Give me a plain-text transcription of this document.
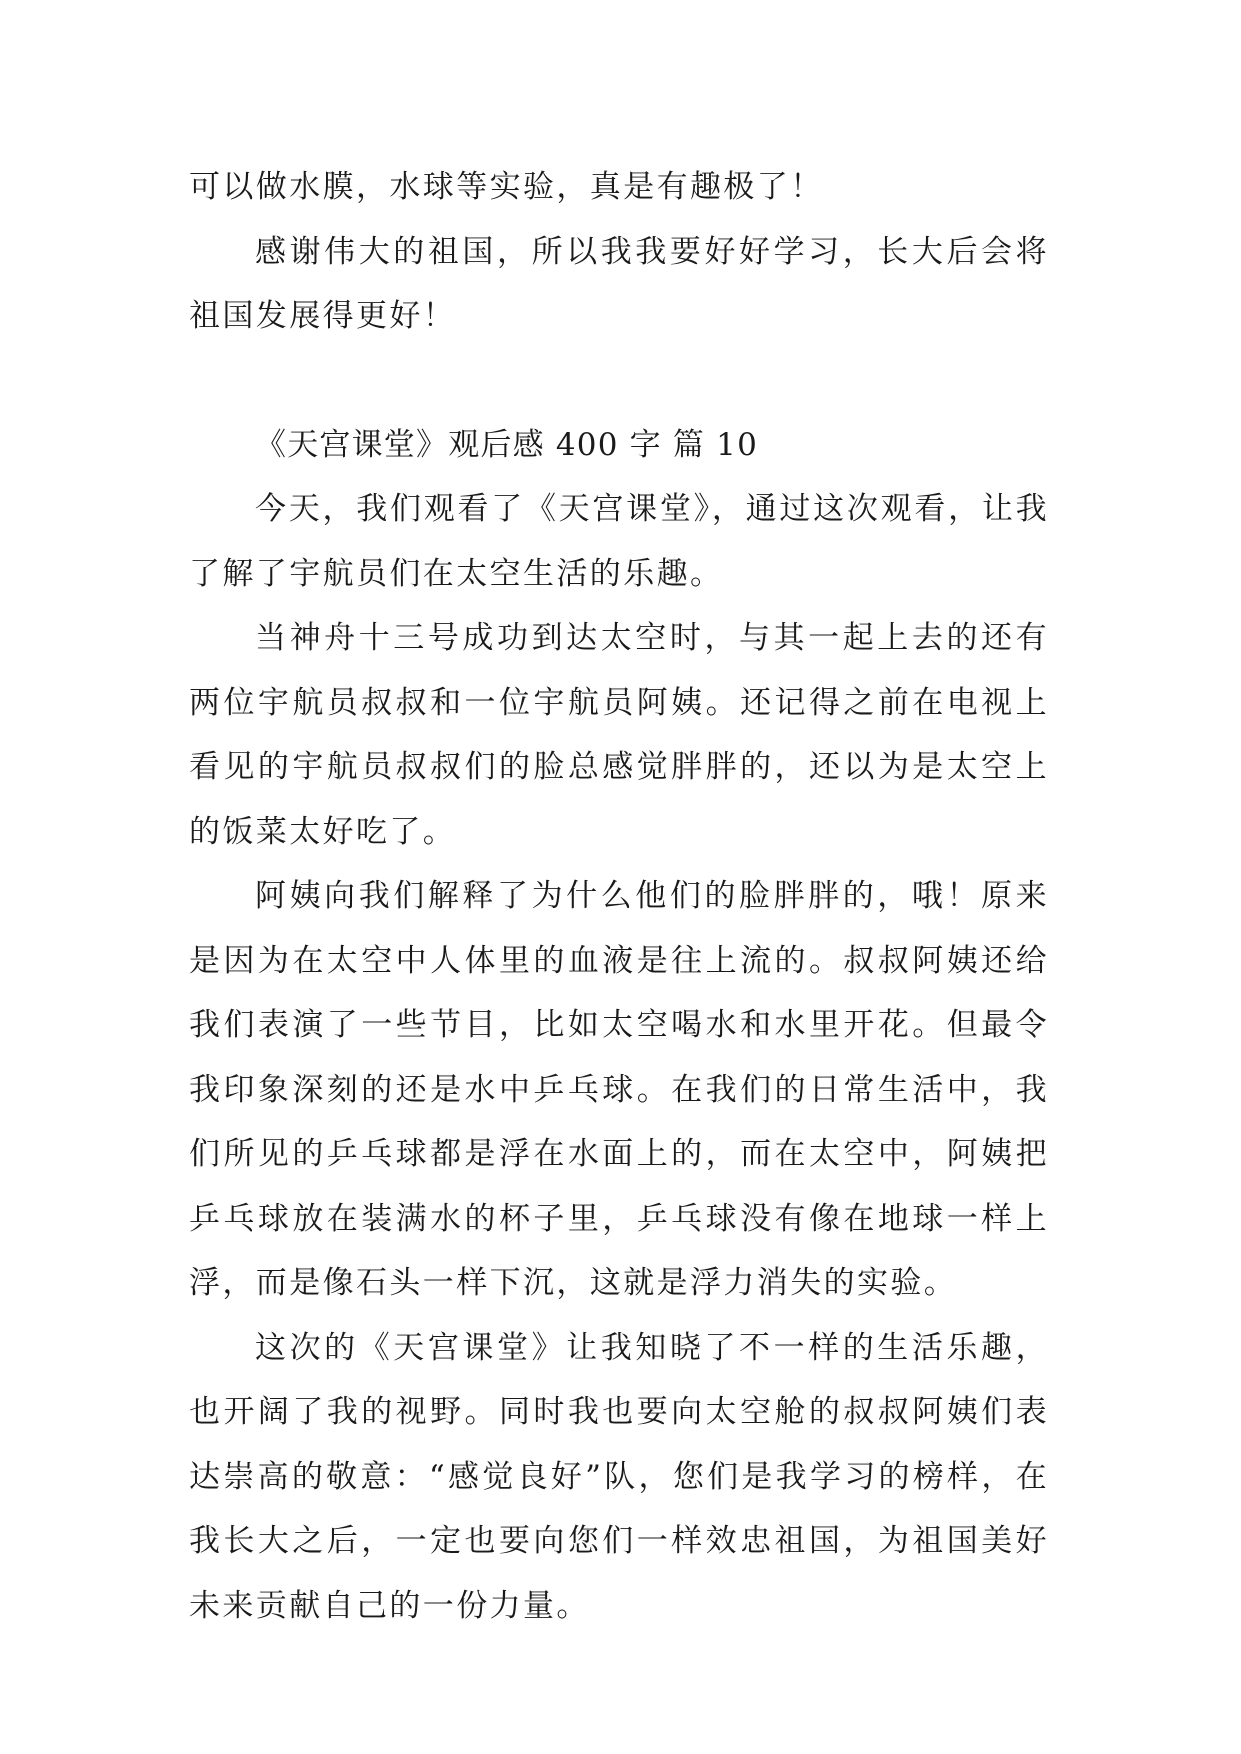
可以做水膜，水球等实验，真是有趣极了！

感谢伟大的祖国，所以我我要好好学习，长大后会将祖国发展得更好！

《天宫课堂》观后感 400 字 篇 10

今天，我们观看了《天宫课堂》，通过这次观看，让我了解了宇航员们在太空生活的乐趣。

当神舟十三号成功到达太空时，与其一起上去的还有两位宇航员叔叔和一位宇航员阿姨。还记得之前在电视上看见的宇航员叔叔们的脸总感觉胖胖的，还以为是太空上的饭菜太好吃了。

阿姨向我们解释了为什么他们的脸胖胖的，哦！原来是因为在太空中人体里的血液是往上流的。叔叔阿姨还给我们表演了一些节目，比如太空喝水和水里开花。但最令我印象深刻的还是水中乒乓球。在我们的日常生活中，我们所见的乒乓球都是浮在水面上的，而在太空中，阿姨把乒乓球放在装满水的杯子里，乒乓球没有像在地球一样上浮，而是像石头一样下沉，这就是浮力消失的实验。

这次的《天宫课堂》让我知晓了不一样的生活乐趣，也开阔了我的视野。同时我也要向太空舱的叔叔阿姨们表达崇高的敬意：“感觉良好”队，您们是我学习的榜样，在我长大之后，一定也要向您们一样效忠祖国，为祖国美好未来贡献自己的一份力量。
